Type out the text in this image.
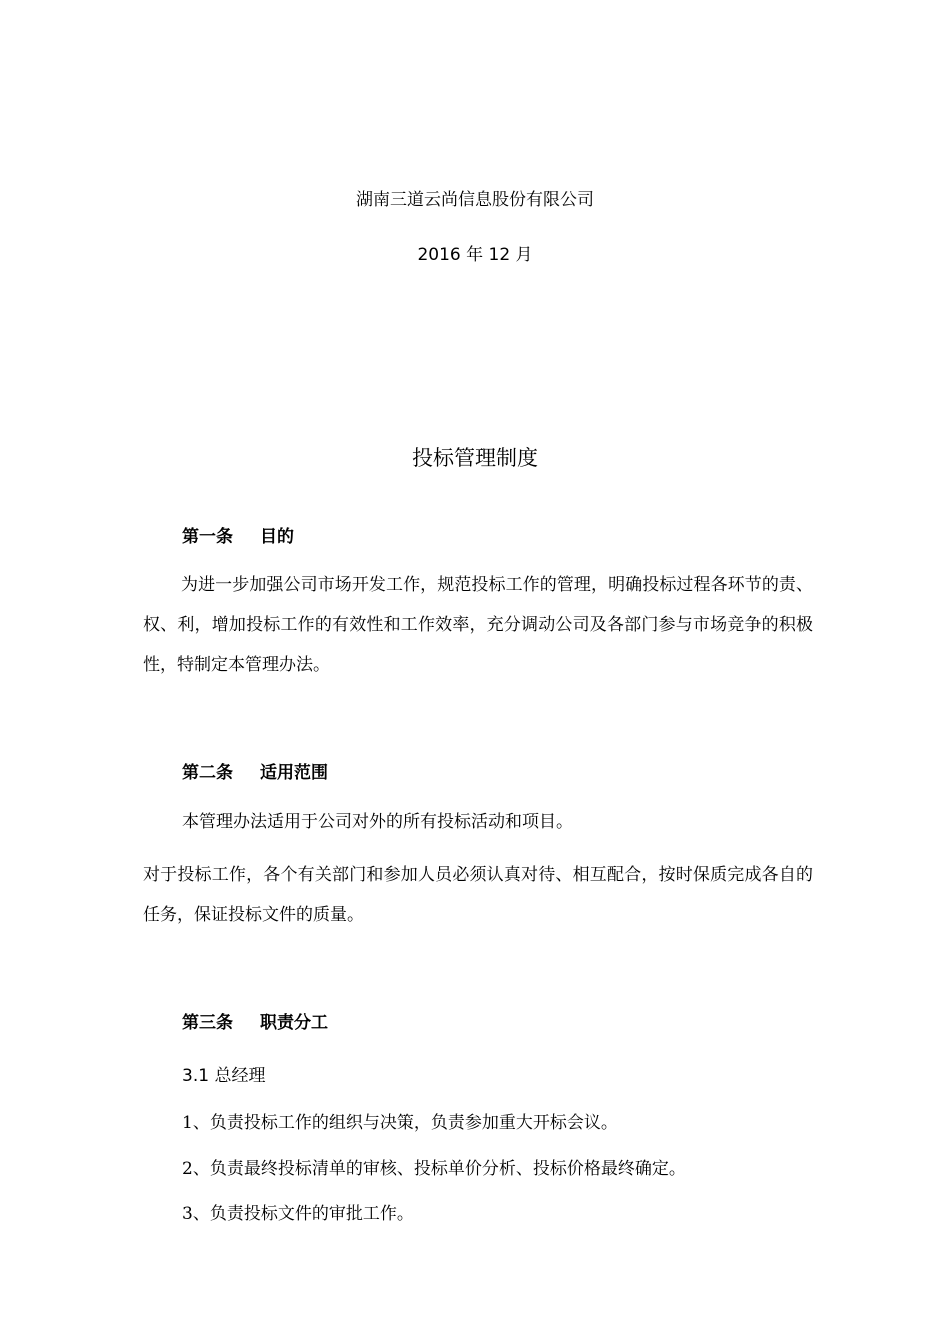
湖南三道云尚信息股份有限公司

2016 年 12 月

投标管理制度

第一条 目的

为进一步加强公司市场开发工作，规范投标工作的管理，明确投标过程各环节的责、权、利，增加投标工作的有效性和工作效率，充分调动公司及各部门参与市场竞争的积极性，特制定本管理办法。

第二条 适用范围

本管理办法适用于公司对外的所有投标活动和项目。

对于投标工作，各个有关部门和参加人员必须认真对待、相互配合，按时保质完成各自的任务，保证投标文件的质量。

第三条 职责分工

3.1 总经理

1、负责投标工作的组织与决策，负责参加重大开标会议。

2、负责最终投标清单的审核、投标单价分析、投标价格最终确定。

3、负责投标文件的审批工作。
